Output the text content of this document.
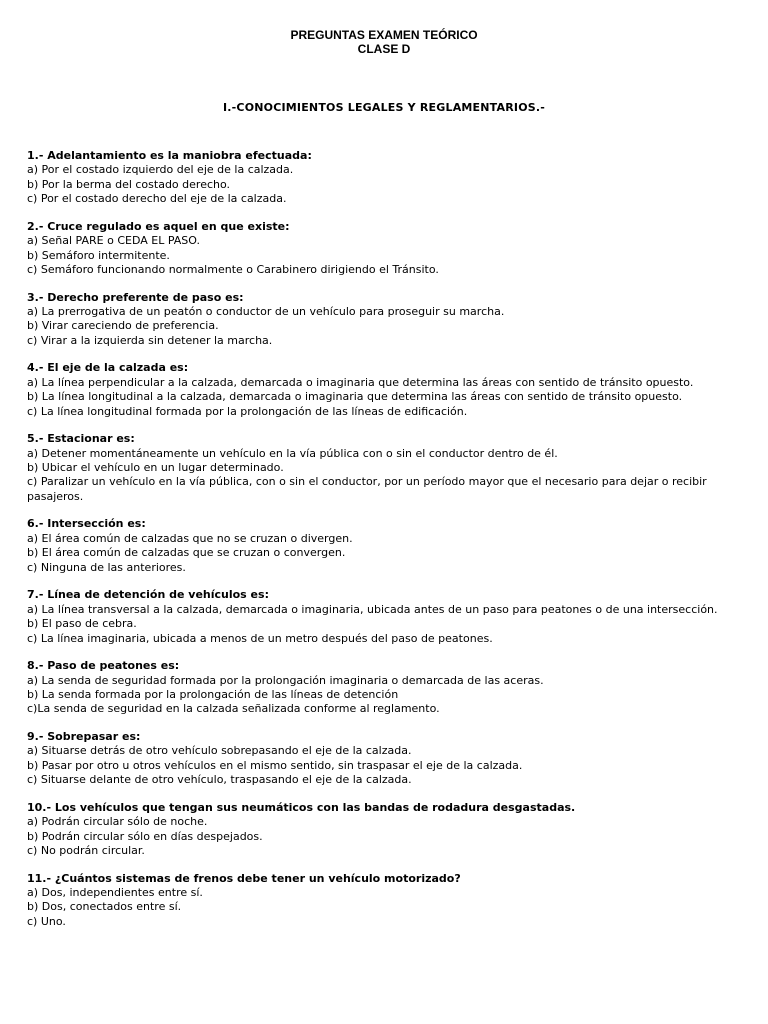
PREGUNTAS EXAMEN TEÓRICO
CLASE D
I.-CONOCIMIENTOS LEGALES Y REGLAMENTARIOS.-
1.- Adelantamiento es la maniobra efectuada:
a) Por el costado izquierdo del eje de la calzada.
b) Por la berma del costado derecho.
c) Por el costado derecho del eje de la calzada.
2.- Cruce regulado es aquel en que existe:
a) Señal PARE o CEDA EL PASO.
b) Semáforo intermitente.
c) Semáforo funcionando normalmente o Carabinero dirigiendo el Tránsito.
3.- Derecho preferente de paso es:
a) La prerrogativa de un peatón o conductor de un vehículo para proseguir su marcha.
b) Virar careciendo de preferencia.
c) Virar a la izquierda sin detener la marcha.
4.- El eje de la calzada es:
a) La línea perpendicular a la calzada, demarcada o imaginaria que determina las áreas con sentido de tránsito opuesto.
b) La línea longitudinal a la calzada, demarcada o imaginaria que determina las áreas con sentido de tránsito opuesto.
c) La línea longitudinal formada por la prolongación de las líneas de edificación.
5.- Estacionar es:
a) Detener momentáneamente un vehículo en la vía pública con o sin el conductor dentro de él.
b) Ubicar el vehículo en un lugar determinado.
c) Paralizar un vehículo en la vía pública, con o sin el conductor, por un período mayor que el necesario para dejar o recibir pasajeros.
6.- Intersección es:
a) El área común de calzadas que no se cruzan o divergen.
b) El área común de calzadas que se cruzan o convergen.
c) Ninguna de las anteriores.
7.- Línea de detención de vehículos es:
a) La línea transversal a la calzada, demarcada o imaginaria, ubicada antes de un paso para peatones o de una intersección.
b) El paso de cebra.
c) La línea imaginaria, ubicada a menos de un metro después del paso de peatones.
8.- Paso de peatones es:
a) La senda de seguridad formada por la prolongación imaginaria o demarcada de las aceras.
b) La senda formada por la prolongación de las líneas de detención
c)La senda de seguridad en la calzada señalizada conforme al reglamento.
9.- Sobrepasar es:
a) Situarse detrás de otro vehículo sobrepasando el eje de la calzada.
b) Pasar por otro u otros vehículos en el mismo sentido, sin traspasar el eje de la calzada.
c) Situarse delante de otro vehículo, traspasando el eje de la calzada.
10.- Los vehículos que tengan sus neumáticos con las bandas de rodadura desgastadas.
a) Podrán circular sólo de noche.
b) Podrán circular sólo en días despejados.
c) No podrán circular.
11.- ¿Cuántos sistemas de frenos debe tener un vehículo motorizado?
a) Dos, independientes entre sí.
b) Dos, conectados entre sí.
c) Uno.
